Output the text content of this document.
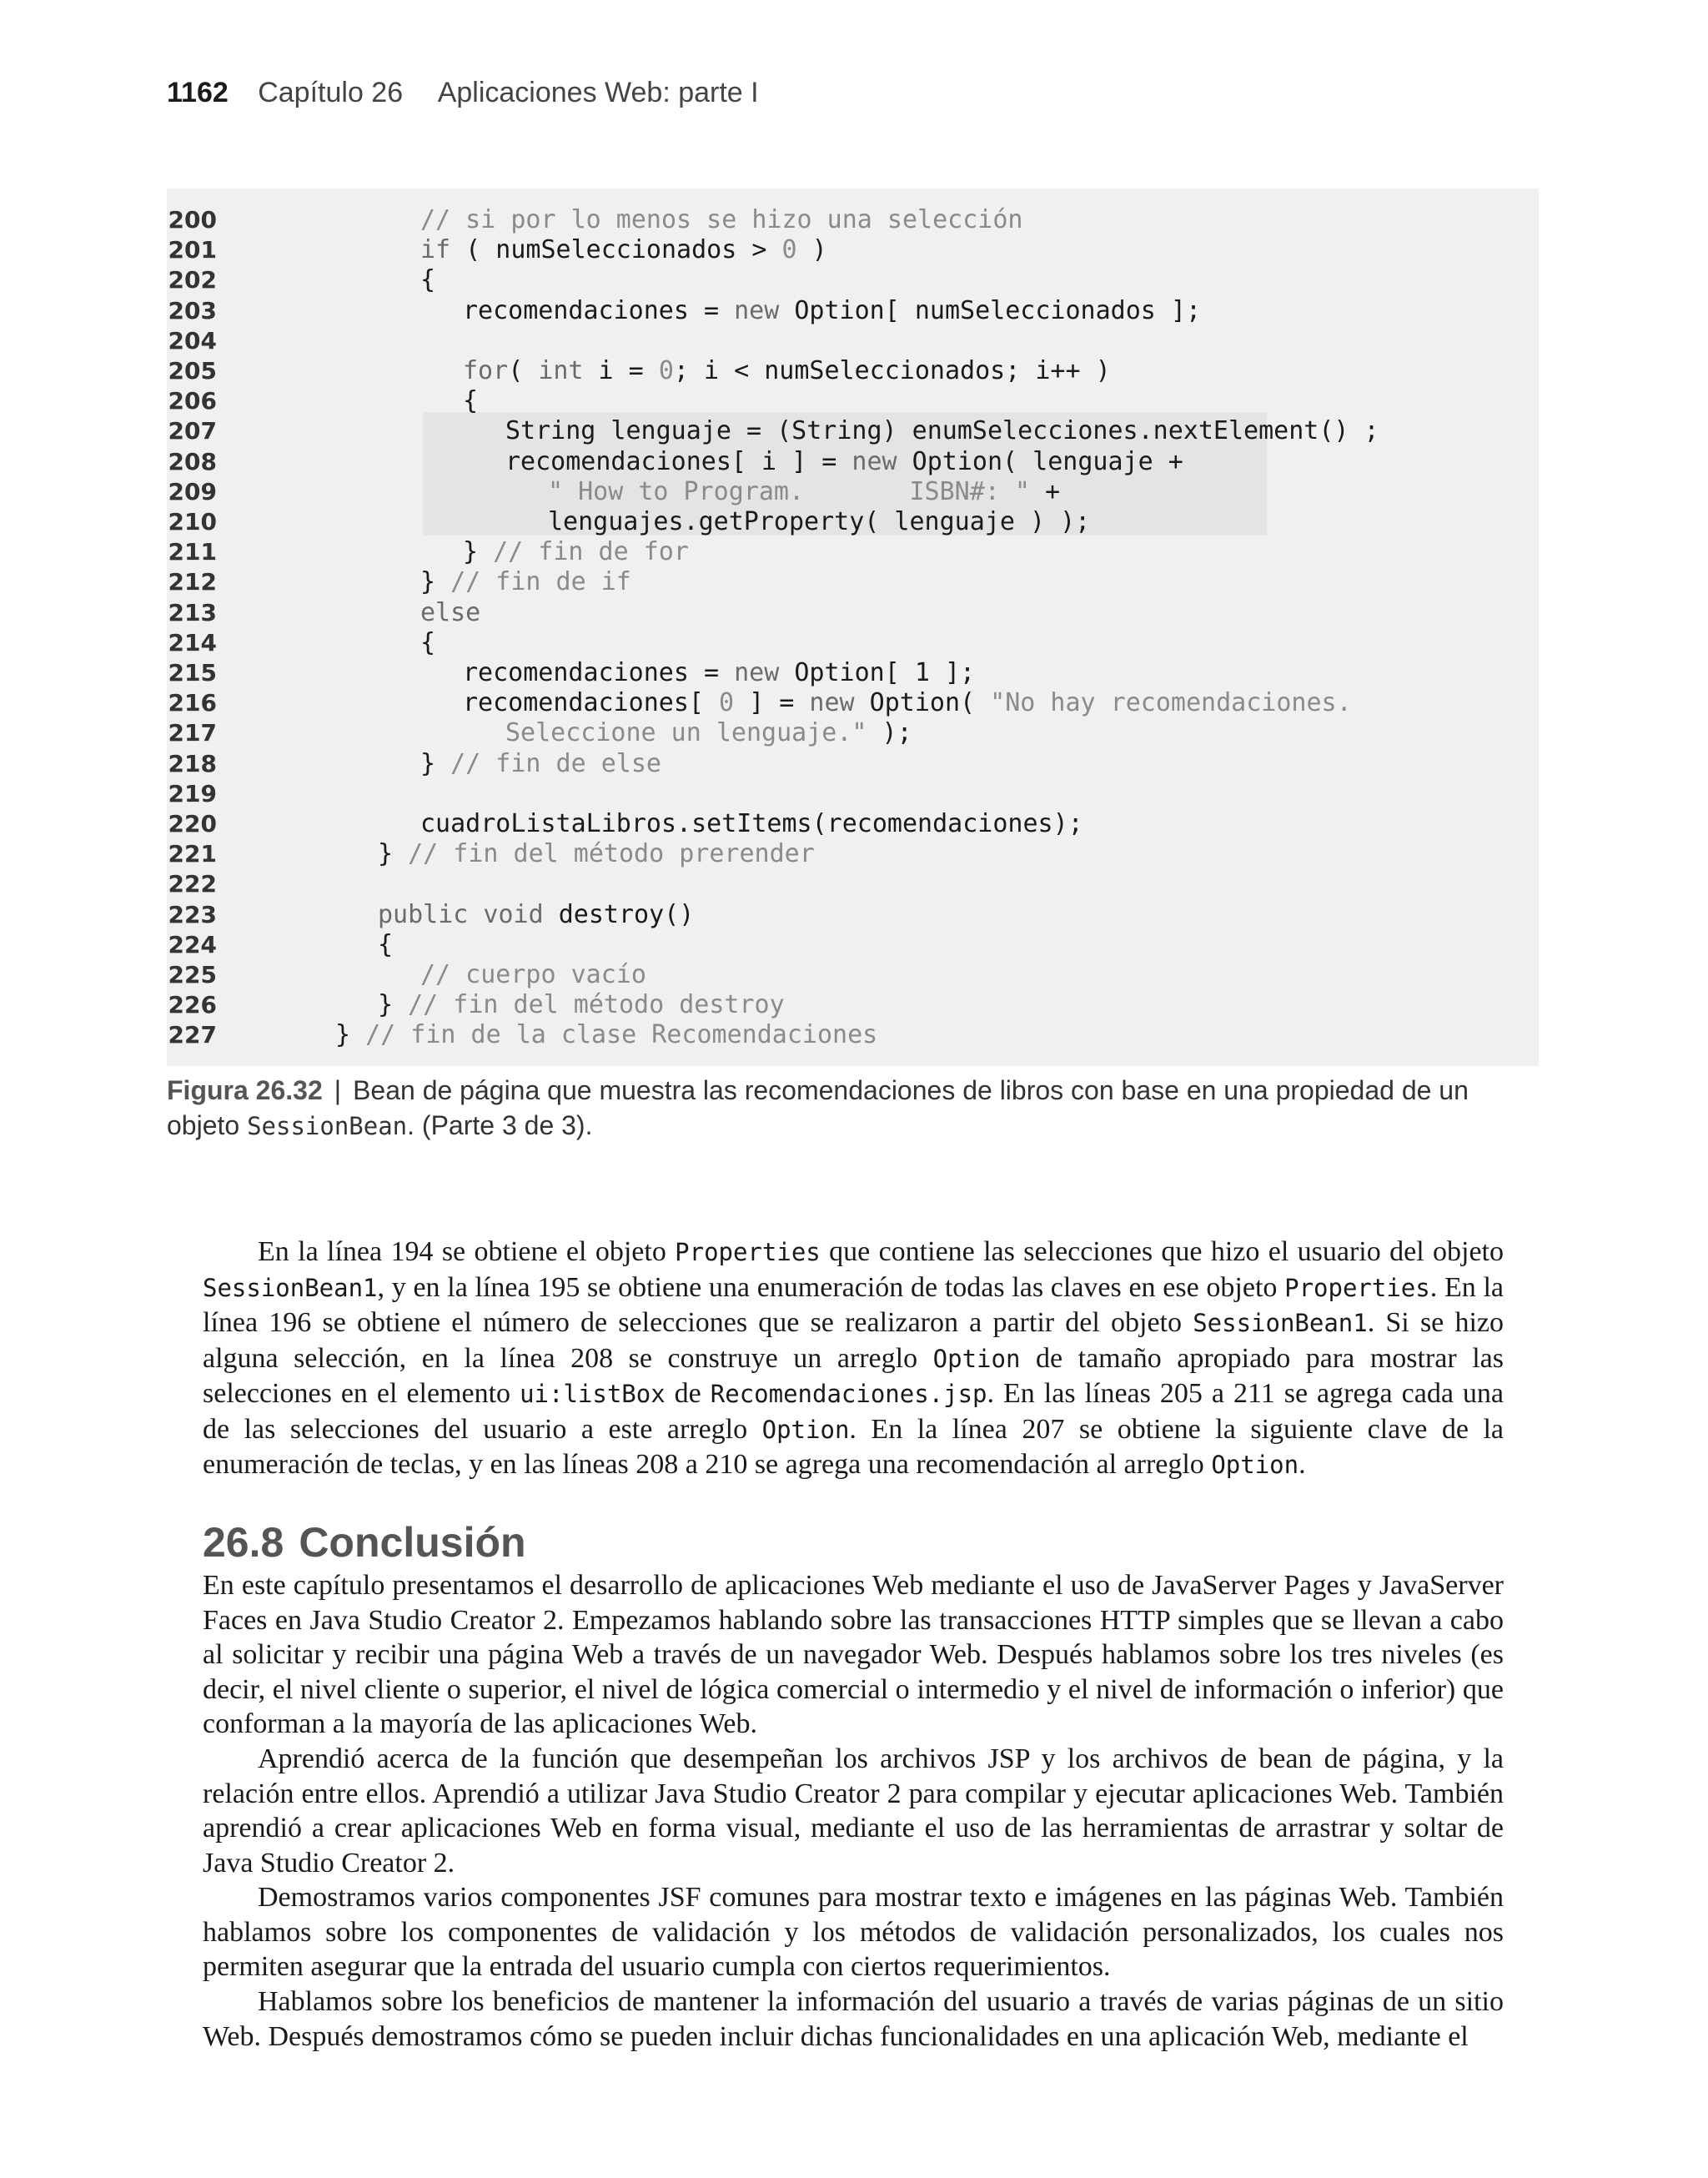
1162 Capítulo 26 Aplicaciones Web: parte I
200	// si por lo menos se hizo una selección
201	if ( numSeleccionados > 0 )
202	{
203	recomendaciones = new Option[ numSeleccionados ];
204
205	for( int i = 0; i < numSeleccionados; i++ )
206	{
207	String lenguaje = (String) enumSelecciones.nextElement() ;
208	recomendaciones[ i ] = new Option( lenguaje +
209	" How to Program.       ISBN#: " +
210	lenguajes.getProperty( lenguaje ) );
211	} // fin de for
212	} // fin de if
213	else
214	{
215	recomendaciones = new Option[ 1 ];
216	recomendaciones[ 0 ] = new Option( "No hay recomendaciones.
217	Seleccione un lenguaje." );
218	} // fin de else
219
220	cuadroListaLibros.setItems(recomendaciones);
221	} // fin del método prerender
222
223	public void destroy()
224	{
225	// cuerpo vacío
226	} // fin del método destroy
227	} // fin de la clase Recomendaciones
Figura 26.32 | Bean de página que muestra las recomendaciones de libros con base en una propiedad de un objeto SessionBean. (Parte 3 de 3).

En la línea 194 se obtiene el objeto Properties que contiene las selecciones que hizo el usuario del objeto SessionBean1, y en la línea 195 se obtiene una enumeración de todas las claves en ese objeto Properties. En la línea 196 se obtiene el número de selecciones que se realizaron a partir del objeto SessionBean1. Si se hizo alguna selección, en la línea 208 se construye un arreglo Option de tamaño apropiado para mostrar las selecciones en el elemento ui:listBox de Recomendaciones.jsp. En las líneas 205 a 211 se agrega cada una de las selecciones del usuario a este arreglo Option. En la línea 207 se obtiene la siguiente clave de la enumeración de teclas, y en las líneas 208 a 210 se agrega una recomendación al arreglo Option.

26.8 Conclusión

En este capítulo presentamos el desarrollo de aplicaciones Web mediante el uso de JavaServer Pages y JavaServer Faces en Java Studio Creator 2. Empezamos hablando sobre las transacciones HTTP simples que se llevan a cabo al solicitar y recibir una página Web a través de un navegador Web. Después hablamos sobre los tres niveles (es decir, el nivel cliente o superior, el nivel de lógica comercial o intermedio y el nivel de información o inferior) que conforman a la mayoría de las aplicaciones Web.

Aprendió acerca de la función que desempeñan los archivos JSP y los archivos de bean de página, y la relación entre ellos. Aprendió a utilizar Java Studio Creator 2 para compilar y ejecutar aplicaciones Web. También aprendió a crear aplicaciones Web en forma visual, mediante el uso de las herramientas de arrastrar y soltar de Java Studio Creator 2.

Demostramos varios componentes JSF comunes para mostrar texto e imágenes en las páginas Web. También hablamos sobre los componentes de validación y los métodos de validación personalizados, los cuales nos permiten asegurar que la entrada del usuario cumpla con ciertos requerimientos.

Hablamos sobre los beneficios de mantener la información del usuario a través de varias páginas de un sitio Web. Después demostramos cómo se pueden incluir dichas funcionalidades en una aplicación Web, mediante el
